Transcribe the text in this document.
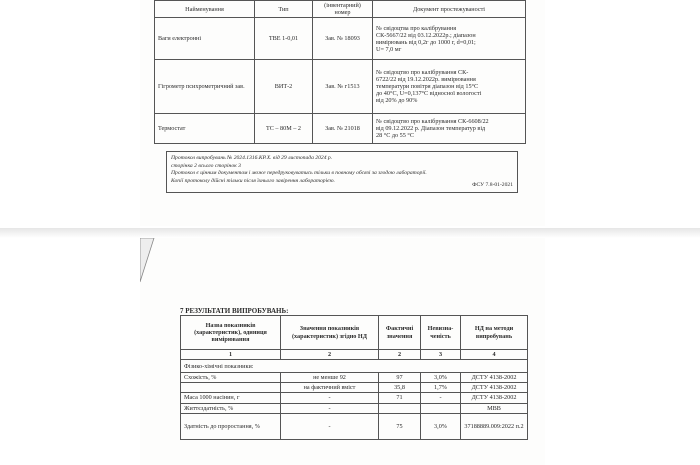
Найменування	Тип	(інвентарний) номер	Документ простежуваності
Ваги електронні	ТВЕ 1-0,01	Зав. № 18093	№ свідоцтва про калібрування
СК-5667/22 від 03.12.2022р.; діапазон
вимірювань від 0,2г до 1000 г, d=0,01;
U= 7,0 мг

Гігрометр психрометричний зав.	ВИТ-2	Зав. № г1513	№ свідоцтво про калібрування СК-
6722/22 від 19.12.2022р. вимірювання
температури повітря діапазон від 15°С
до 40°С, U=0,137°С відносної вологості
від 20% до 90%

Термостат	ТС – 80М – 2	Зав. № 21018	№ свідоцтво про калібрування СК-6608/22
від 09.12.2022 р. Діапазон температур від
28 °С до 55 °С
Протокол випробувань № 2024.1316.KP.X. від 29 листопада 2024 р.
сторінка 2 всього сторінок 3
Протокол є цінним документом і може передруковуватись тільки в повному обсязі за згодою лабораторії.
Копії протоколу дійсні тільки після їхнього завірення лабораторією.
ФСУ 7.8-01-2021
7 РЕЗУЛЬТАТИ ВИПРОБУВАНЬ:
Назва показників (характеристик), одиниця вимірювання	Значення показників (характеристик) згідно НД	Фактичні значення	Невизна-ченість	НД на методи випробувань
1	2	2	3	4
Фізико-хімічні показники:				
Схожість, %	не менше 92	97	3,0%	ДСТУ 4138-2002
	на фактичний вміст	35,8	1,7%	ДСТУ 4138-2002
Маса 1000 насінин, г	-	71	-	ДСТУ 4138-2002
Життєздатність, %	-			МВВ
Здатність до проростання, %	-	75	3,0%	37188889.009:2022 п.2
